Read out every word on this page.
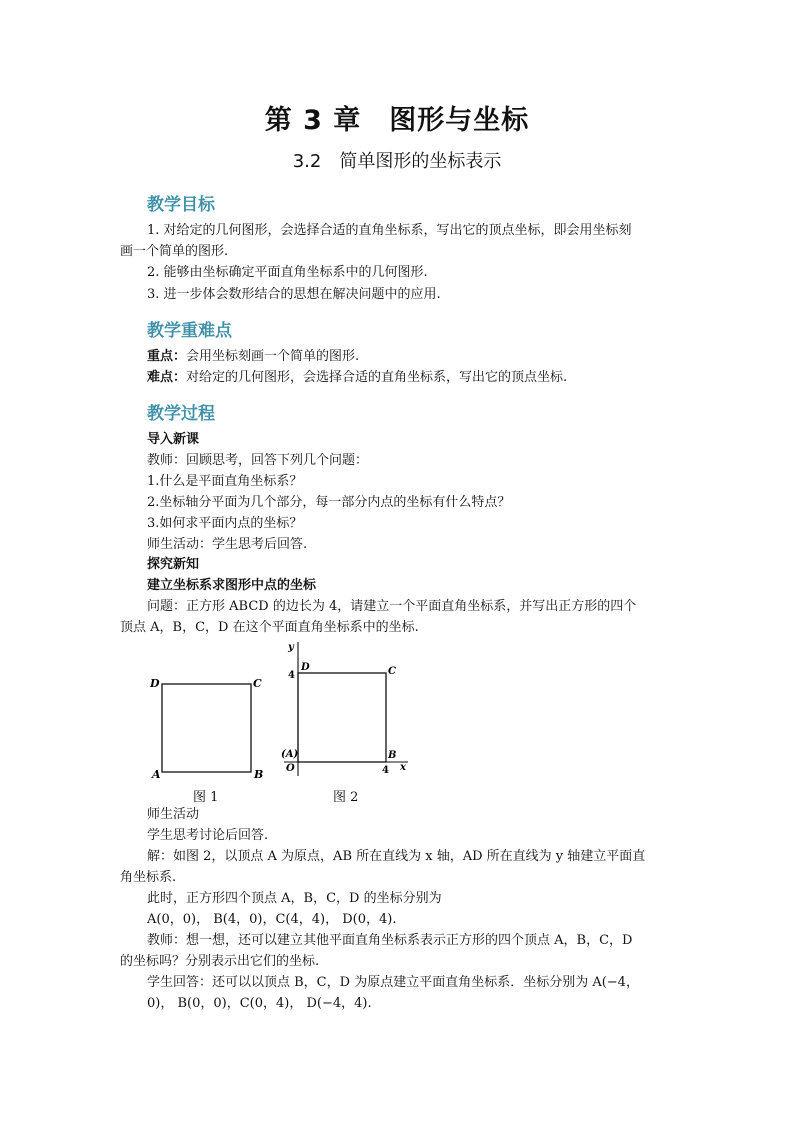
第 3 章　图形与坐标
3.2　简单图形的坐标表示
教学目标
1. 对给定的几何图形，会选择合适的直角坐标系，写出它的顶点坐标，即会用坐标刻
画一个简单的图形.
2. 能够由坐标确定平面直角坐标系中的几何图形.
3. 进一步体会数形结合的思想在解决问题中的应用.
教学重难点
重点：会用坐标刻画一个简单的图形.
难点：对给定的几何图形，会选择合适的直角坐标系，写出它的顶点坐标.
教学过程
导入新课
教师：回顾思考，回答下列几个问题：
1.什么是平面直角坐标系？
2.坐标轴分平面为几个部分，每一部分内点的坐标有什么特点？
3.如何求平面内点的坐标？
师生活动：学生思考后回答.
探究新知
建立坐标系求图形中点的坐标
问题：正方形 ABCD 的边长为 4，请建立一个平面直角坐标系，并写出正方形的四个
顶点 A，B，C，D 在这个平面直角坐标系中的坐标.
D	C
A	B
y
x
D	C
4
(A)
O
B
4
图 1	图 2
师生活动
学生思考讨论后回答.
解：如图 2，以顶点 A 为原点，AB 所在直线为 x 轴，AD 所在直线为 y 轴建立平面直
角坐标系.
此时，正方形四个顶点 A，B，C，D 的坐标分别为
A(0，0)， B(4，0)，C(4，4)， D(0，4).
教师：想一想，还可以建立其他平面直角坐标系表示正方形的四个顶点 A，B，C，D
的坐标吗？分别表示出它们的坐标.
学生回答：还可以以顶点 B，C，D 为原点建立平面直角坐标系．坐标分别为 A(−4，
0)， B(0，0)，C(0，4)， D(−4，4).
